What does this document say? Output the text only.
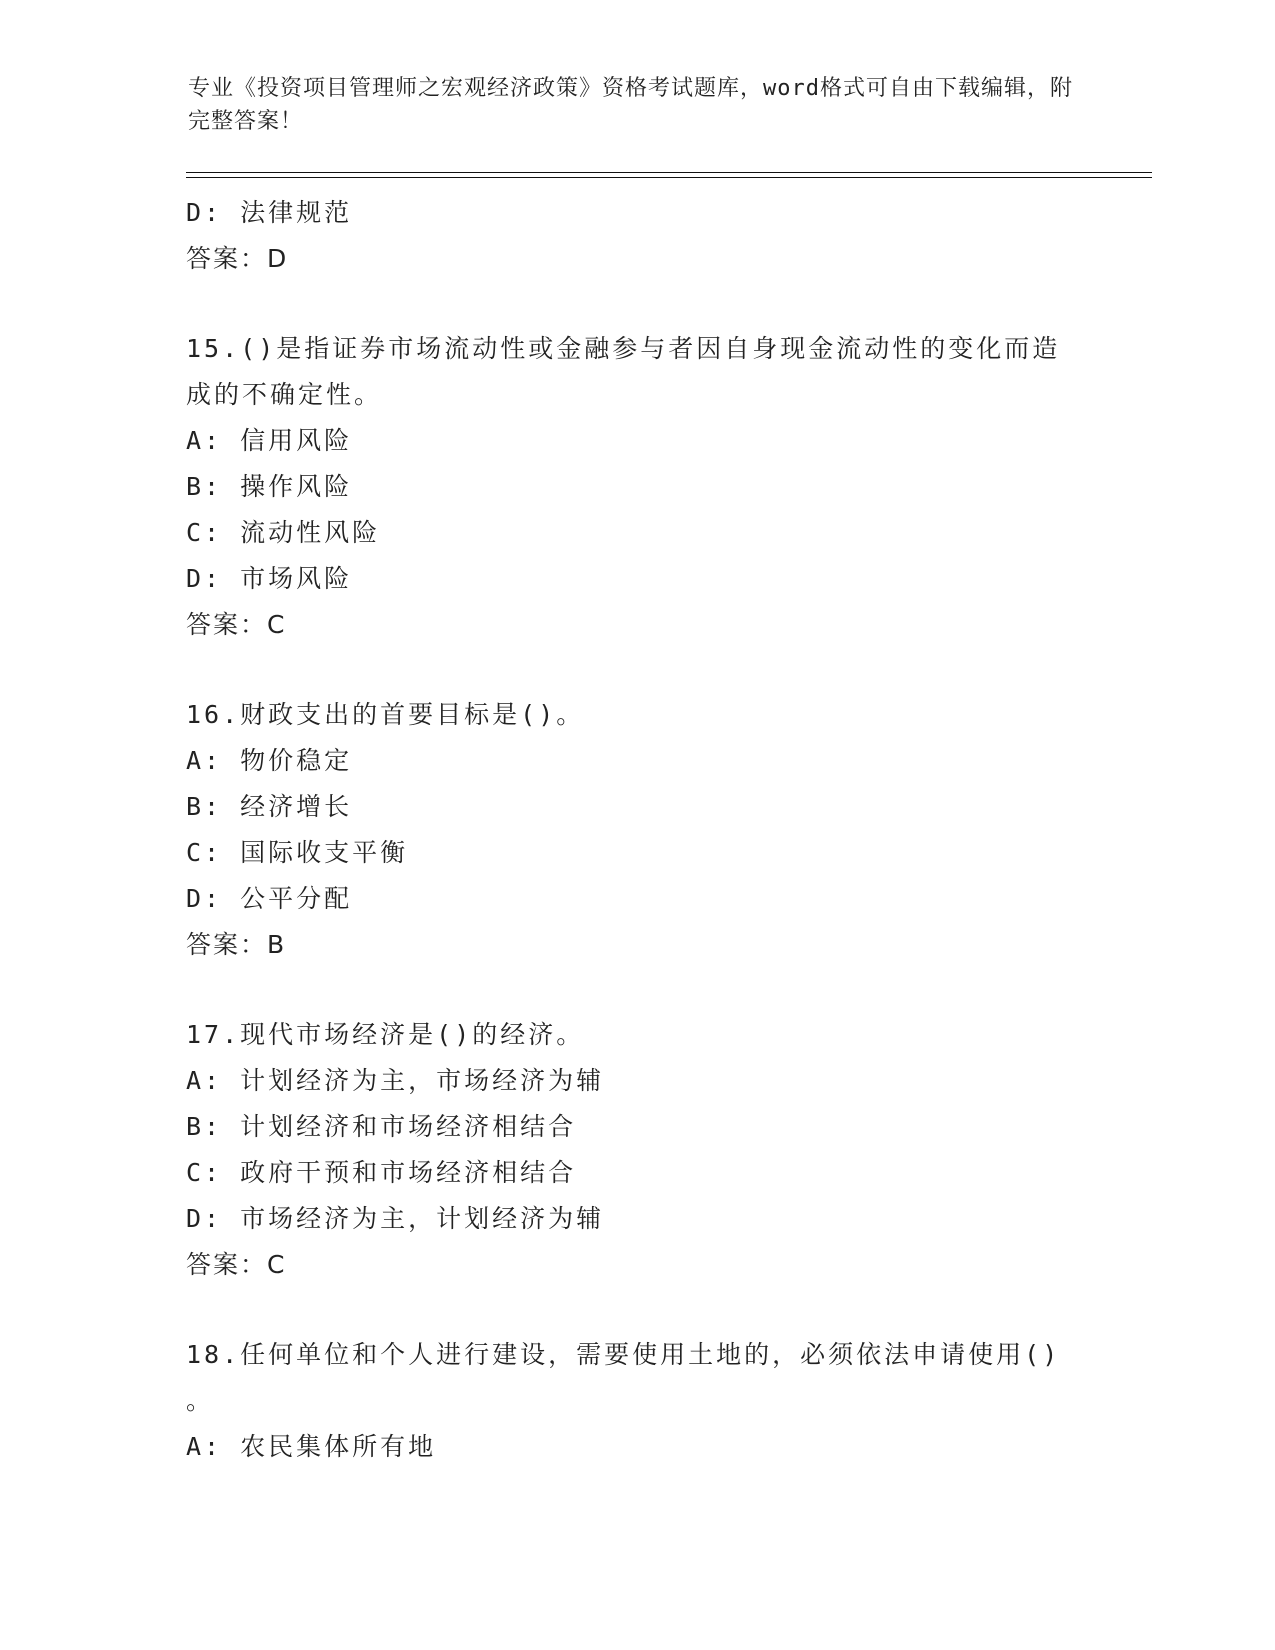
专业《投资项目管理师之宏观经济政策》资格考试题库，word格式可自由下载编辑，附完整答案！
D: 法律规范
答案：D
15.()是指证券市场流动性或金融参与者因自身现金流动性的变化而造
成的不确定性。
A: 信用风险
B: 操作风险
C: 流动性风险
D: 市场风险
答案：C
16.财政支出的首要目标是()。
A: 物价稳定
B: 经济增长
C: 国际收支平衡
D: 公平分配
答案：B
17.现代市场经济是()的经济。
A: 计划经济为主，市场经济为辅
B: 计划经济和市场经济相结合
C: 政府干预和市场经济相结合
D: 市场经济为主，计划经济为辅
答案：C
18.任何单位和个人进行建设，需要使用土地的，必须依法申请使用()
。
A: 农民集体所有地
